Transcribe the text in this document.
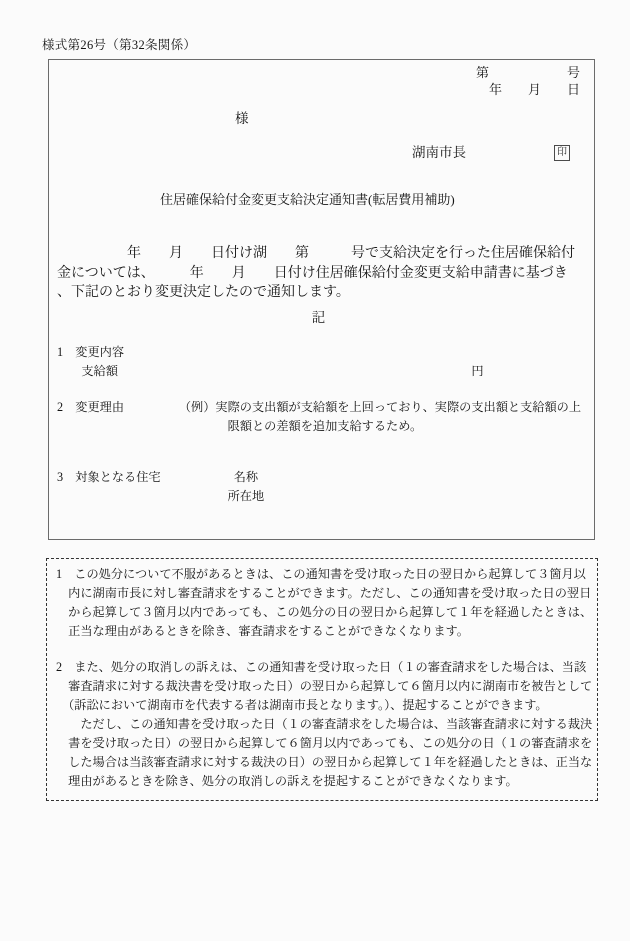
様式第26号（第32条関係）
第　　　　　　号
年　　月　　日
様
湖南市長	印
住居確保給付金変更支給決定通知書(転居費用補助)
　　　　　年　　月　　日付け湖　　第　　　号で支給決定を行った住居確保給付
金については、　　　年　　月　　日付け住居確保給付金変更支給申請書に基づき
、下記のとおり変更決定したので通知します。
記
1　変更内容
　　支給額　　　　　　　　　　　　　　　　　　　　　　　　　　　　　円
2　変更理由　　　　　（例）実際の支出額が支給額を上回っており、実際の支出額と支給額の上
　　　　　　　　　　　　　　限額との差額を追加支給するため。
3　対象となる住宅　　　　　　名称
　　　　　　　　　　　　　　所在地
1　この処分について不服があるときは、この通知書を受け取った日の翌日から起算して３箇月以
　内に湖南市長に対し審査請求をすることができます。ただし、この通知書を受け取った日の翌日
　から起算して３箇月以内であっても、この処分の日の翌日から起算して１年を経過したときは、
　正当な理由があるときを除き、審査請求をすることができなくなります。
2　また、処分の取消しの訴えは、この通知書を受け取った日（１の審査請求をした場合は、当該
　審査請求に対する裁決書を受け取った日）の翌日から起算して６箇月以内に湖南市を被告として
　（訴訟において湖南市を代表する者は湖南市長となります。）、提起することができます。
　　ただし、この通知書を受け取った日（１の審査請求をした場合は、当該審査請求に対する裁決
　書を受け取った日）の翌日から起算して６箇月以内であっても、この処分の日（１の審査請求を
　した場合は当該審査請求に対する裁決の日）の翌日から起算して１年を経過したときは、正当な
　理由があるときを除き、処分の取消しの訴えを提起することができなくなります。
